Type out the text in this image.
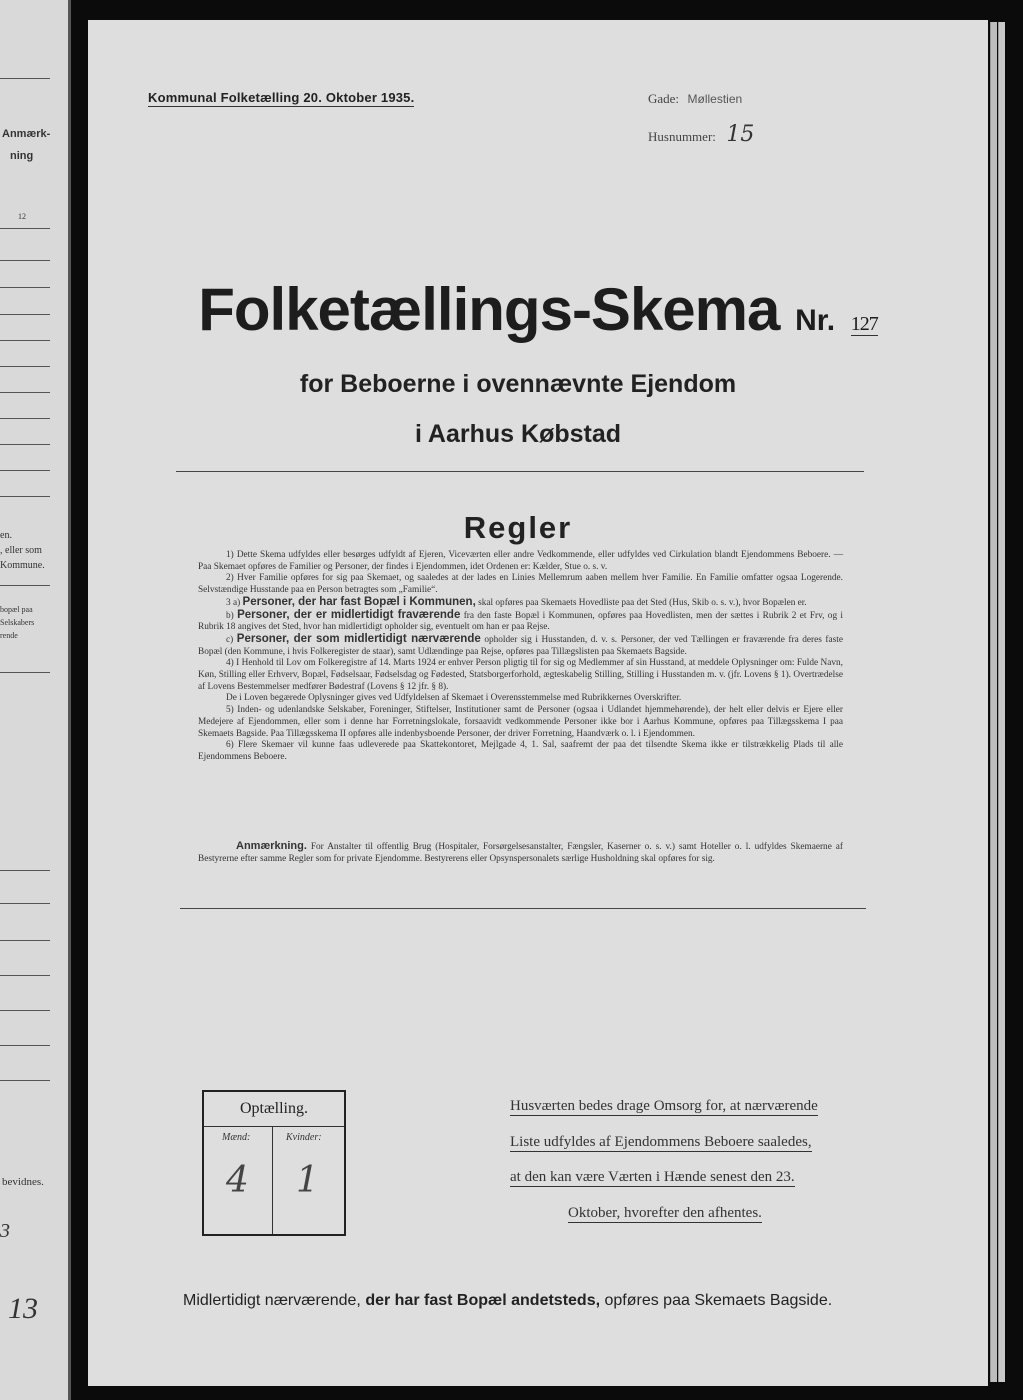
Anmærk-
ning
12
en.
, eller som
Kommune.
bopæl paa
Selskabers
rende
bevidnes.
3
13
Kommunal Folketælling 20. Oktober 1935.	Gade: Møllestien
Husnummer: 15
Folketællings-Skema Nr. 127
for Beboerne i ovennævnte Ejendom
i Aarhus Købstad
Regler

1) Dette Skema udfyldes eller besørges udfyldt af Ejeren, Viceværten eller andre Vedkommende, eller udfyldes ved Cirkulation blandt Ejendommens Beboere. — Paa Skemaet opføres de Familier og Personer, der findes i Ejendommen, idet Ordenen er: Kælder, Stue o. s. v.

2) Hver Familie opføres for sig paa Skemaet, og saaledes at der lades en Linies Mellemrum aaben mellem hver Familie. En Familie omfatter ogsaa Logerende. Selvstændige Husstande paa en Person betragtes som „Familie“.

3 a) Personer, der har fast Bopæl i Kommunen, skal opføres paa Skemaets Hovedliste paa det Sted (Hus, Skib o. s. v.), hvor Bopælen er.

b) Personer, der er midlertidigt fraværende fra den faste Bopæl i Kommunen, opføres paa Hovedlisten, men der sættes i Rubrik 2 et Frv, og i Rubrik 18 angives det Sted, hvor han midlertidigt opholder sig, eventuelt om han er paa Rejse.

c) Personer, der som midlertidigt nærværende opholder sig i Husstanden, d. v. s. Personer, der ved Tællingen er fraværende fra deres faste Bopæl (den Kommune, i hvis Folkeregister de staar), samt Udlændinge paa Rejse, opføres paa Tillægslisten paa Skemaets Bagside.

4) I Henhold til Lov om Folkeregistre af 14. Marts 1924 er enhver Person pligtig til for sig og Medlemmer af sin Husstand, at meddele Oplysninger om: Fulde Navn, Køn, Stilling eller Erhverv, Bopæl, Fødselsaar, Fødselsdag og Fødested, Statsborgerforhold, ægteskabelig Stilling, Stilling i Husstanden m. v. (jfr. Lovens § 1). Overtrædelse af Lovens Bestemmelser medfører Bødestraf (Lovens § 12 jfr. § 8).

De i Loven begærede Oplysninger gives ved Udfyldelsen af Skemaet i Overensstemmelse med Rubrikkernes Overskrifter.

5) Inden- og udenlandske Selskaber, Foreninger, Stiftelser, Institutioner samt de Personer (ogsaa i Udlandet hjemmehørende), der helt eller delvis er Ejere eller Medejere af Ejendommen, eller som i denne har Forretningslokale, forsaavidt vedkommende Personer ikke bor i Aarhus Kommune, opføres paa Tillægsskema I paa Skemaets Bagside. Paa Tillægsskema II opføres alle indenbysboende Personer, der driver Forretning, Haandværk o. l. i Ejendommen.

6) Flere Skemaer vil kunne faas udleverede paa Skattekontoret, Mejlgade 4, 1. Sal, saafremt der paa det tilsendte Skema ikke er tilstrækkelig Plads til alle Ejendommens Beboere.

Anmærkning. For Anstalter til offentlig Brug (Hospitaler, Forsørgelsesanstalter, Fængsler, Kaserner o. s. v.) samt Hoteller o. l. udfyldes Skemaerne af Bestyrerne efter samme Regler som for private Ejendomme. Bestyrerens eller Opsynspersonalets særlige Husholdning skal opføres for sig.
Optælling.
Mænd:	Kvinder:
4 1
Husværten bedes drage Omsorg for, at nærværende
Liste udfyldes af Ejendommens Beboere saaledes,
at den kan være Værten i Hænde senest den 23.
Oktober, hvorefter den afhentes.
Midlertidigt nærværende, der har fast Bopæl andetsteds, opføres paa Skemaets Bagside.
